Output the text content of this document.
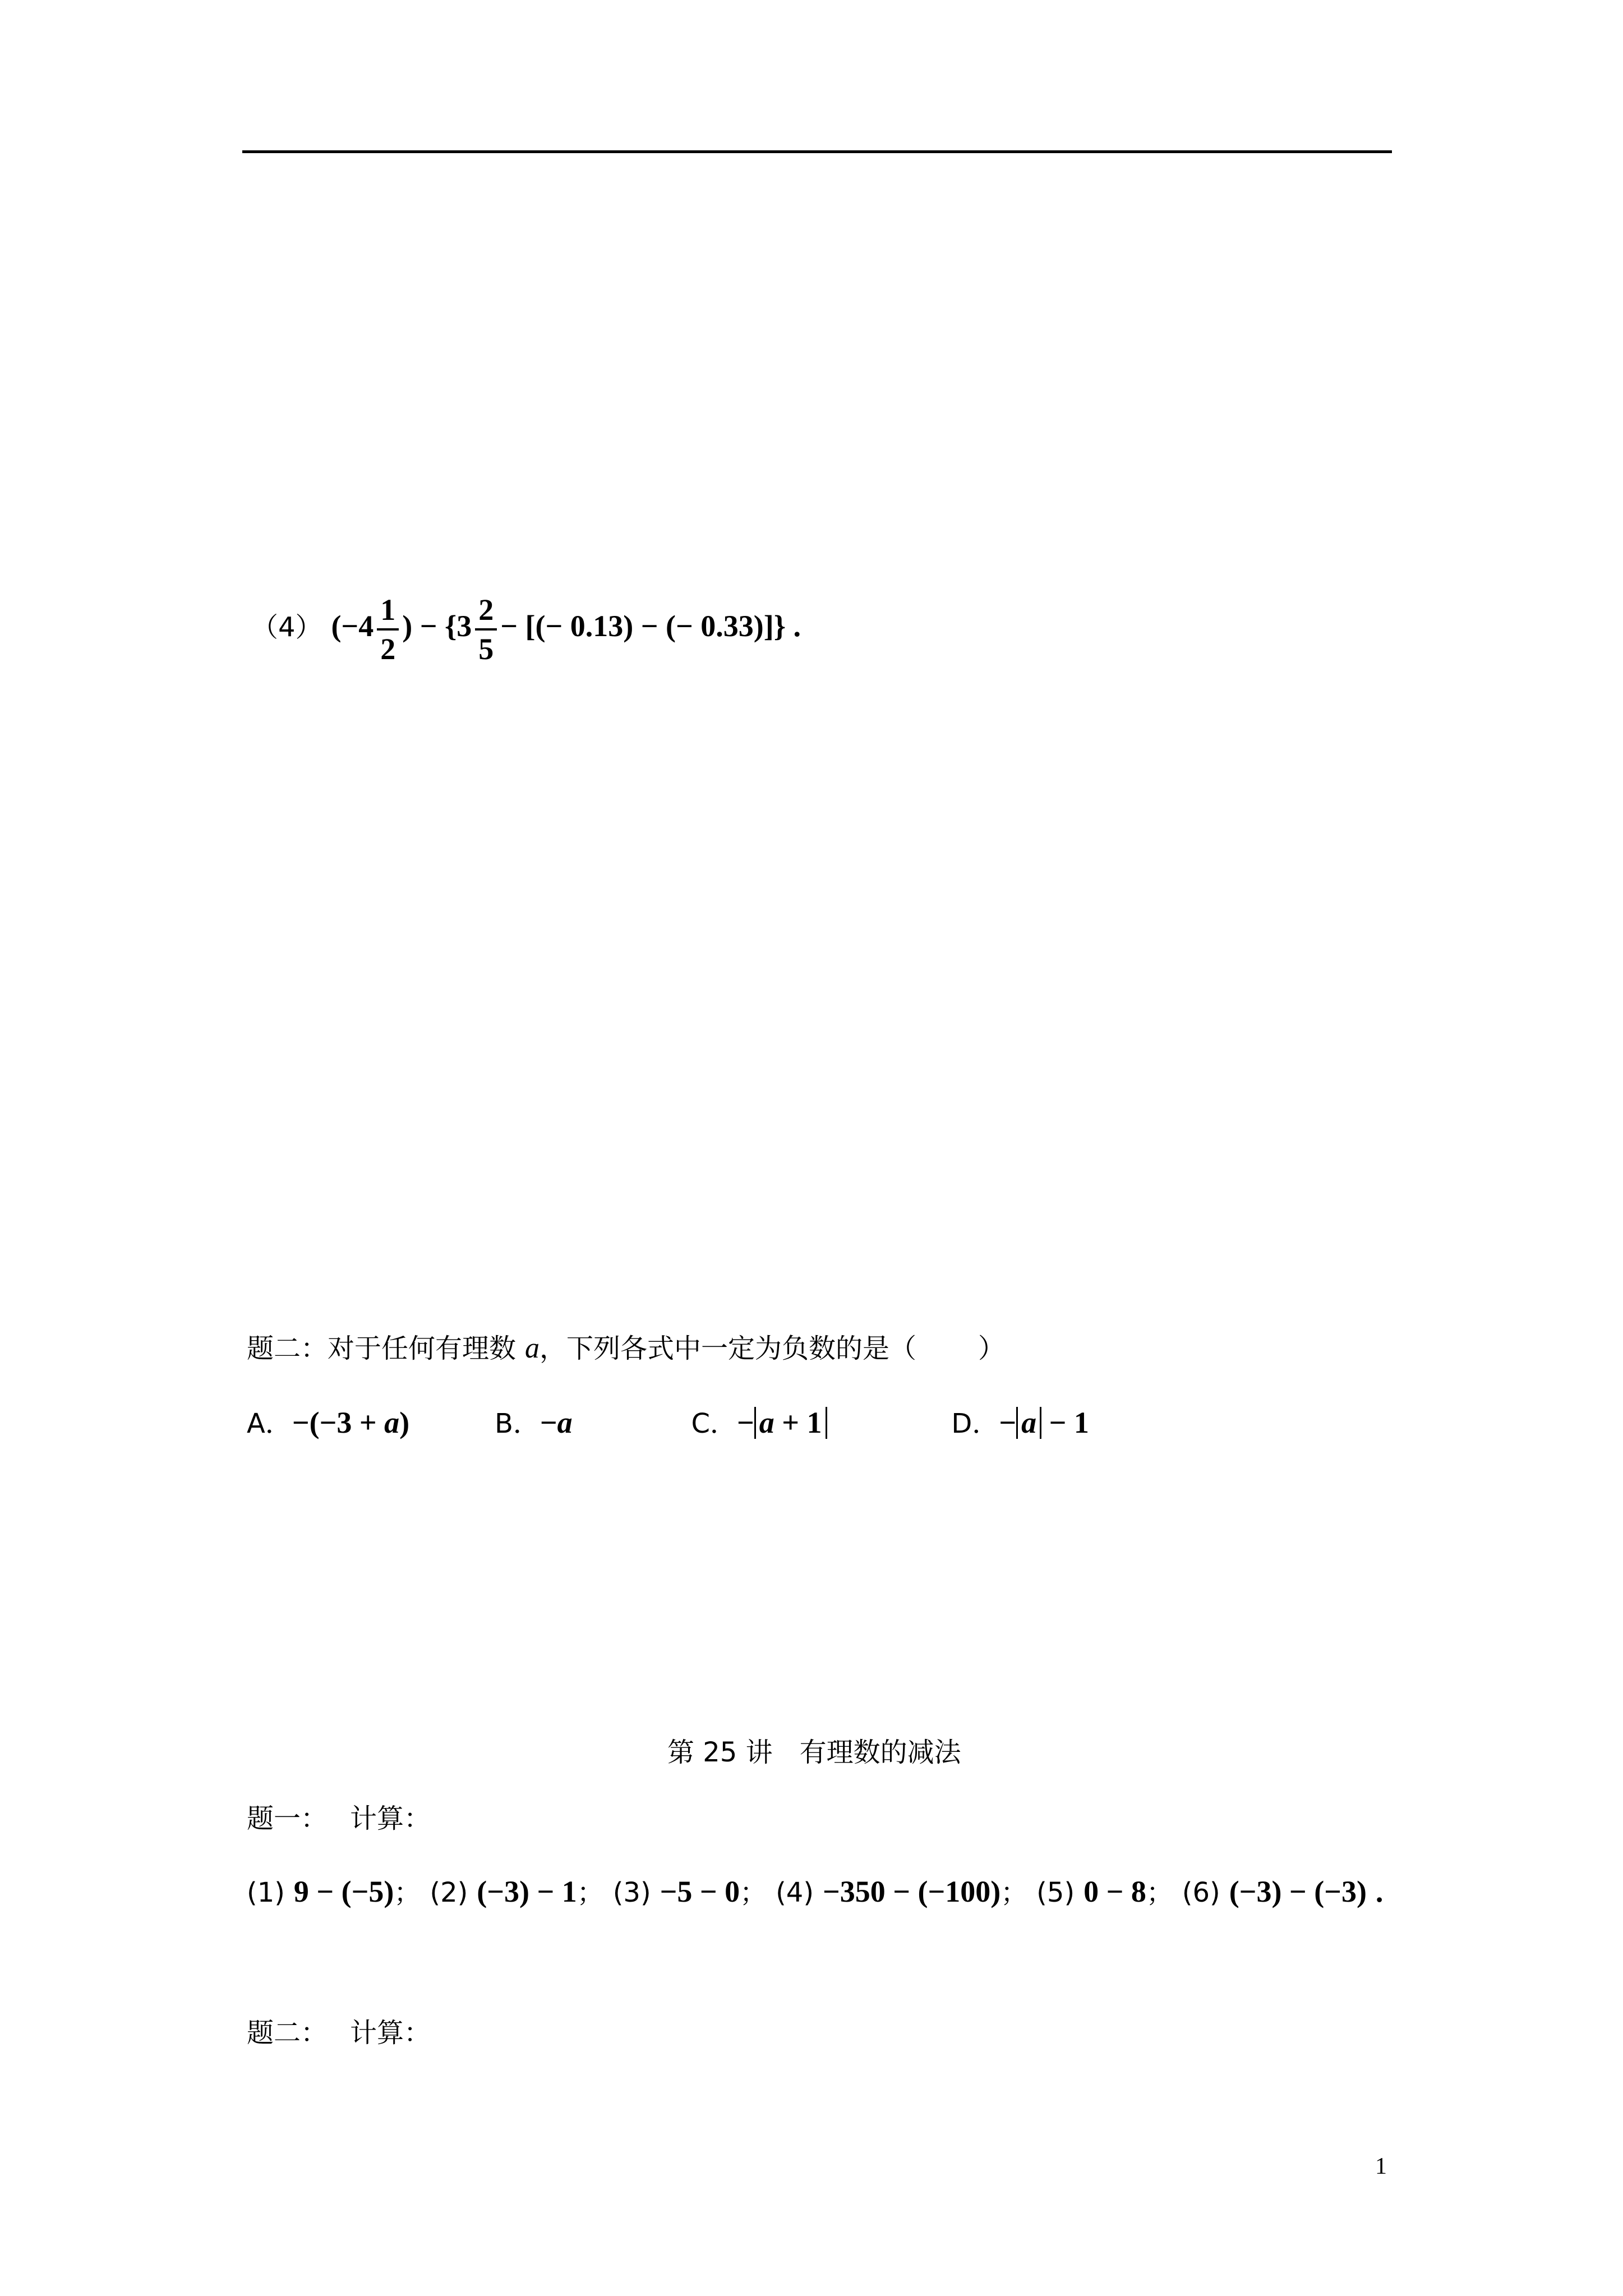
（4） ($-4 \frac{1}{2}$ ) − {$3 \frac{2}{5}$ − [(− 0.13) − (− 0.33)]} .
题二：对于任何有理数 a，下列各式中一定为负数的是（ ）
A．−(−3 + a)	B．−a	C．− a + 1	D．− a − 1
第 25 讲　有理数的减法
题一： 计算：
(1) 9 − (−5)； (2) (−3) − 1； (3) −5 − 0； (4) −350 − (−100)； (5) 0 − 8； (6) (−3) − (−3) .
题二： 计算：
1
